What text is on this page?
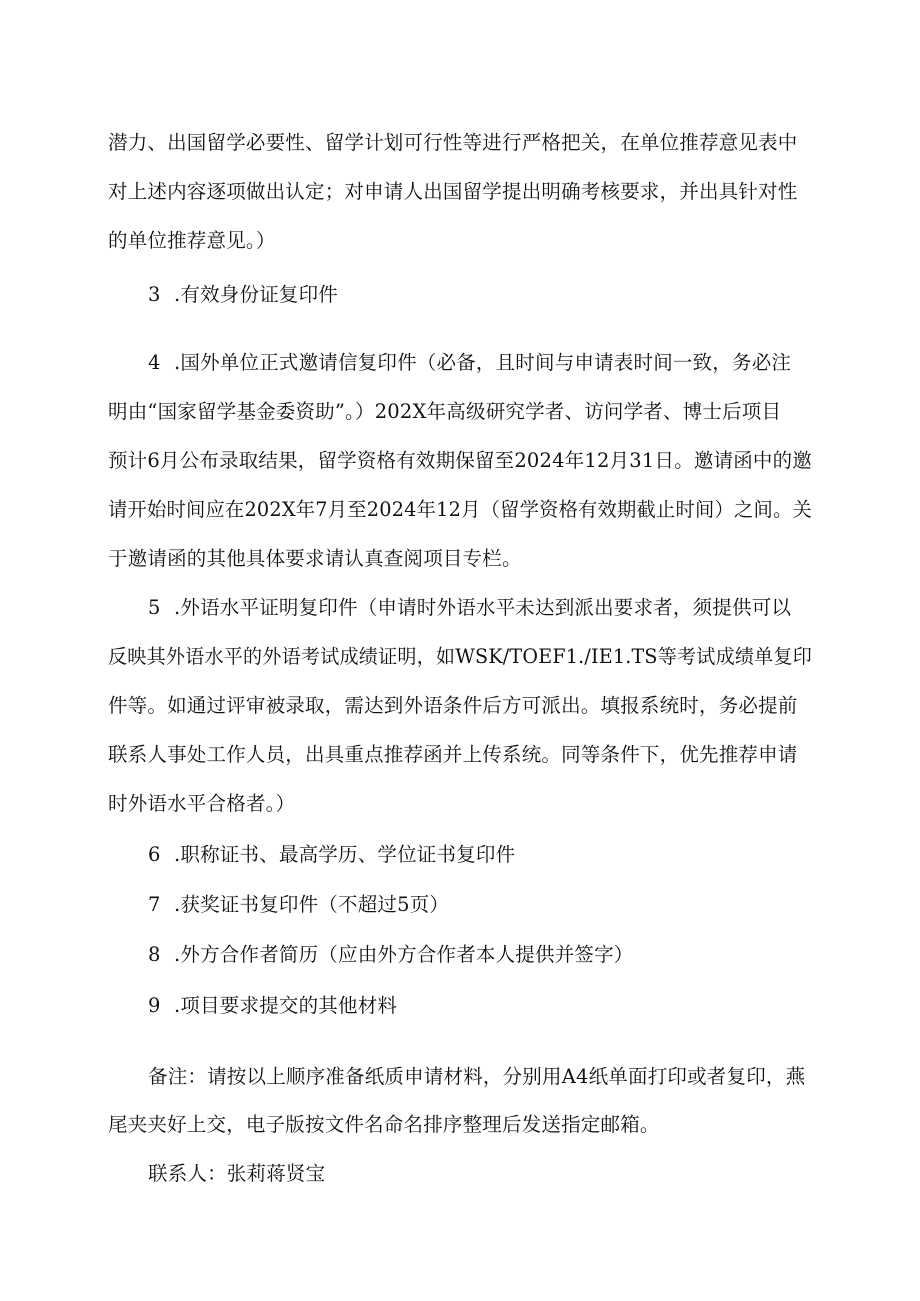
潜力、出国留学必要性、留学计划可行性等进行严格把关，在单位推荐意见表中
对上述内容逐项做出认定；对申请人出国留学提出明确考核要求，并出具针对性
的单位推荐意见。）
3 .有效身份证复印件
4 .国外单位正式邀请信复印件（必备，且时间与申请表时间一致，务必注
明由“国家留学基金委资助”。）202X年高级研究学者、访问学者、博士后项目
预计6月公布录取结果，留学资格有效期保留至2024年12月31日。邀请函中的邀
请开始时间应在202X年7月至2024年12月（留学资格有效期截止时间）之间。关
于邀请函的其他具体要求请认真查阅项目专栏。
5 .外语水平证明复印件（申请时外语水平未达到派出要求者，须提供可以
反映其外语水平的外语考试成绩证明，如WSK/TOEF1./IE1.TS等考试成绩单复印
件等。如通过评审被录取，需达到外语条件后方可派出。填报系统时，务必提前
联系人事处工作人员，出具重点推荐函并上传系统。同等条件下，优先推荐申请
时外语水平合格者。）
6 .职称证书、最高学历、学位证书复印件
7 .获奖证书复印件（不超过5页）
8 .外方合作者简历（应由外方合作者本人提供并签字）
9 .项目要求提交的其他材料
备注：请按以上顺序准备纸质申请材料，分别用A4纸单面打印或者复印，燕
尾夹夹好上交，电子版按文件名命名排序整理后发送指定邮箱。
联系人：张莉蒋贤宝
